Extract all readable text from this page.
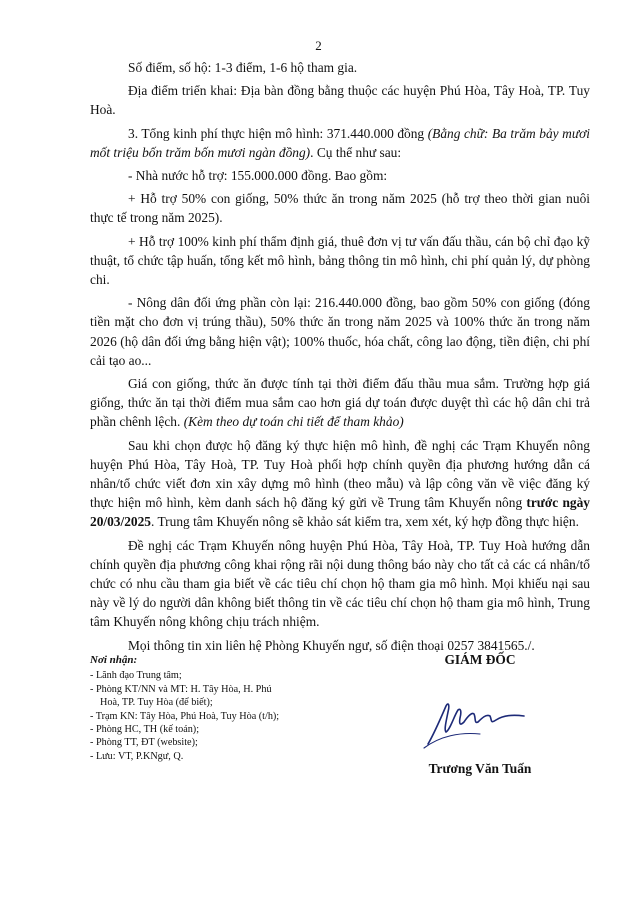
2

Số điểm, số hộ: 1-3 điểm, 1-6 hộ tham gia.

Địa điểm triển khai: Địa bàn đồng bằng thuộc các huyện Phú Hòa, Tây Hoà, TP. Tuy Hoà.

3. Tổng kinh phí thực hiện mô hình: 371.440.000 đồng (Bằng chữ: Ba trăm bảy mươi mốt triệu bốn trăm bốn mươi ngàn đồng). Cụ thể như sau:

- Nhà nước hỗ trợ: 155.000.000 đồng. Bao gồm:

+ Hỗ trợ 50% con giống, 50% thức ăn trong năm 2025 (hỗ trợ theo thời gian nuôi thực tế trong năm 2025).

+ Hỗ trợ 100% kinh phí thẩm định giá, thuê đơn vị tư vấn đấu thầu, cán bộ chỉ đạo kỹ thuật, tổ chức tập huấn, tổng kết mô hình, bảng thông tin mô hình, chi phí quản lý, dự phòng chi.

- Nông dân đối ứng phần còn lại: 216.440.000 đồng, bao gồm 50% con giống (đóng tiền mặt cho đơn vị trúng thầu), 50% thức ăn trong năm 2025 và 100% thức ăn trong năm 2026 (hộ dân đối ứng bằng hiện vật); 100% thuốc, hóa chất, công lao động, tiền điện, chi phí cải tạo ao...

Giá con giống, thức ăn được tính tại thời điểm đấu thầu mua sắm. Trường hợp giá giống, thức ăn tại thời điểm mua sắm cao hơn giá dự toán được duyệt thì các hộ dân chi trả phần chênh lệch. (Kèm theo dự toán chi tiết để tham khảo)

Sau khi chọn được hộ đăng ký thực hiện mô hình, đề nghị các Trạm Khuyến nông huyện Phú Hòa, Tây Hoà, TP. Tuy Hoà phối hợp chính quyền địa phương hướng dẫn cá nhân/tổ chức viết đơn xin xây dựng mô hình (theo mẫu) và lập công văn về việc đăng ký thực hiện mô hình, kèm danh sách hộ đăng ký gửi về Trung tâm Khuyến nông trước ngày 20/03/2025. Trung tâm Khuyến nông sẽ khảo sát kiểm tra, xem xét, ký hợp đồng thực hiện.

Đề nghị các Trạm Khuyến nông huyện Phú Hòa, Tây Hoà, TP. Tuy Hoà hướng dẫn chính quyền địa phương công khai rộng rãi nội dung thông báo này cho tất cả các cá nhân/tổ chức có nhu cầu tham gia biết về các tiêu chí chọn hộ tham gia mô hình. Mọi khiếu nại sau này về lý do người dân không biết thông tin về các tiêu chí chọn hộ tham gia mô hình, Trung tâm Khuyến nông không chịu trách nhiệm.

Mọi thông tin xin liên hệ Phòng Khuyến ngư, số điện thoại 0257 3841565./.

Nơi nhận:
- Lãnh đạo Trung tâm;
- Phòng KT/NN và MT: H. Tây Hòa, H. Phú
Hoà, TP. Tuy Hòa (để biết);
- Trạm KN: Tây Hòa, Phú Hoà, Tuy Hòa (t/h);
- Phòng HC, TH (kế toán);
- Phòng TT, ĐT (website);
- Lưu: VT, P.KNgư, Q.
GIÁM ĐỐC
Trương Văn Tuấn
